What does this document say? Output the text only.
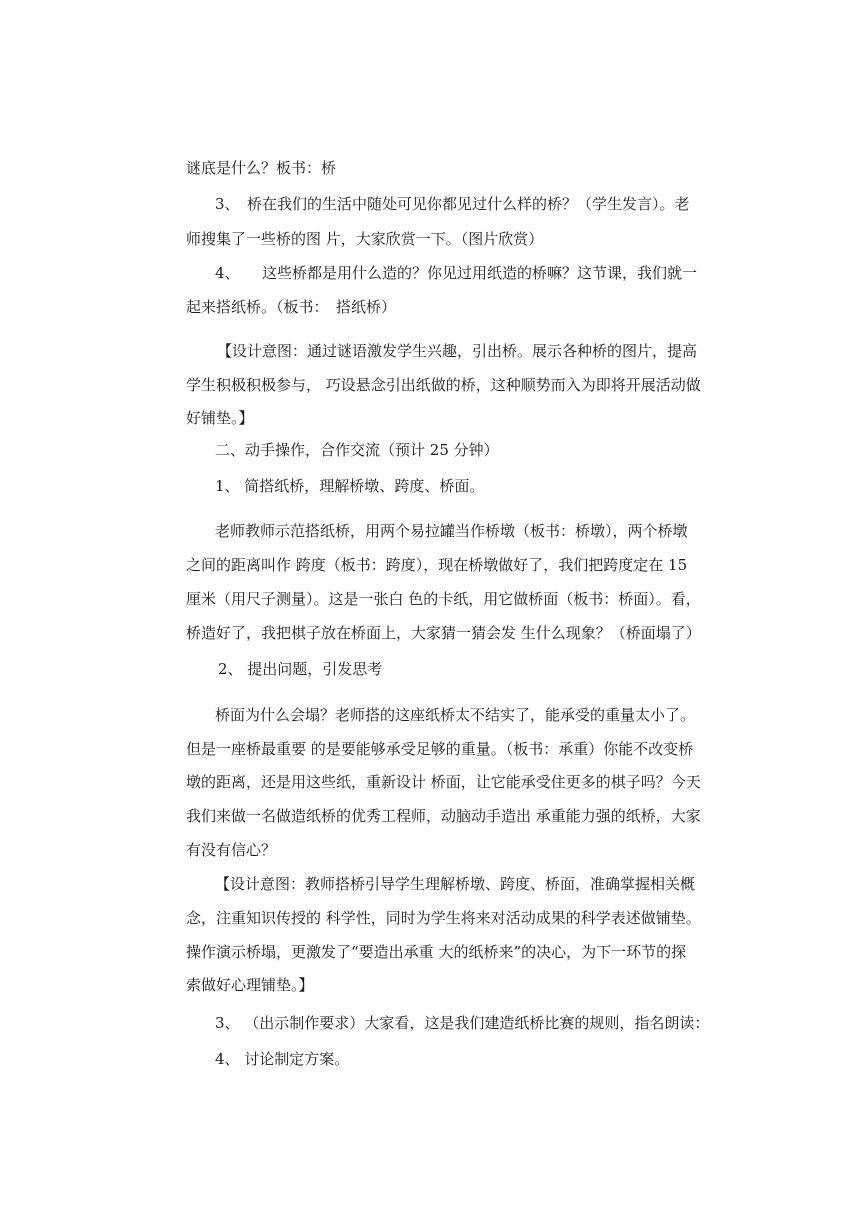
谜底是什么？板书：桥
3、　桥在我们的生活中随处可见你都见过什么样的桥？（学生发言）。老
师搜集了一些桥的图 片，大家欣赏一下。（图片欣赏）
4、　　这些桥都是用什么造的？你见过用纸造的桥嘛？这节课，我们就一
起来搭纸桥。（板书：　搭纸桥）
【设计意图：通过谜语激发学生兴趣，引出桥。展示各种桥的图片，提高
学生积极积极参与， 巧设悬念引出纸做的桥，这种顺势而入为即将开展活动做
好铺垫。】
二、动手操作，合作交流（预计 25 分钟）
1、 简搭纸桥，理解桥墩、跨度、桥面。
老师教师示范搭纸桥，用两个易拉罐当作桥墩（板书：桥墩），两个桥墩
之间的距离叫作 跨度（板书：跨度），现在桥墩做好了，我们把跨度定在 15
厘米（用尺子测量）。这是一张白 色的卡纸，用它做桥面（板书：桥面）。看，
桥造好了，我把棋子放在桥面上，大家猜一猜会发 生什么现象？（桥面塌了）
2、 提出问题，引发思考
桥面为什么会塌？老师搭的这座纸桥太不结实了，能承受的重量太小了。
但是一座桥最重要 的是要能够承受足够的重量。（板书：承重）你能不改变桥
墩的距离，还是用这些纸，重新设计 桥面，让它能承受住更多的棋子吗？今天
我们来做一名做造纸桥的优秀工程师，动脑动手造出 承重能力强的纸桥，大家
有没有信心？
【设计意图：教师搭桥引导学生理解桥墩、跨度、桥面，准确掌握相关概
念，注重知识传授的 科学性，同时为学生将来对活动成果的科学表述做铺垫。
操作演示桥塌，更激发了“要造出承重 大的纸桥来”的决心，为下一环节的探
索做好心理铺垫。】
3、 （出示制作要求）大家看，这是我们建造纸桥比赛的规则，指名朗读：
4、 讨论制定方案。
